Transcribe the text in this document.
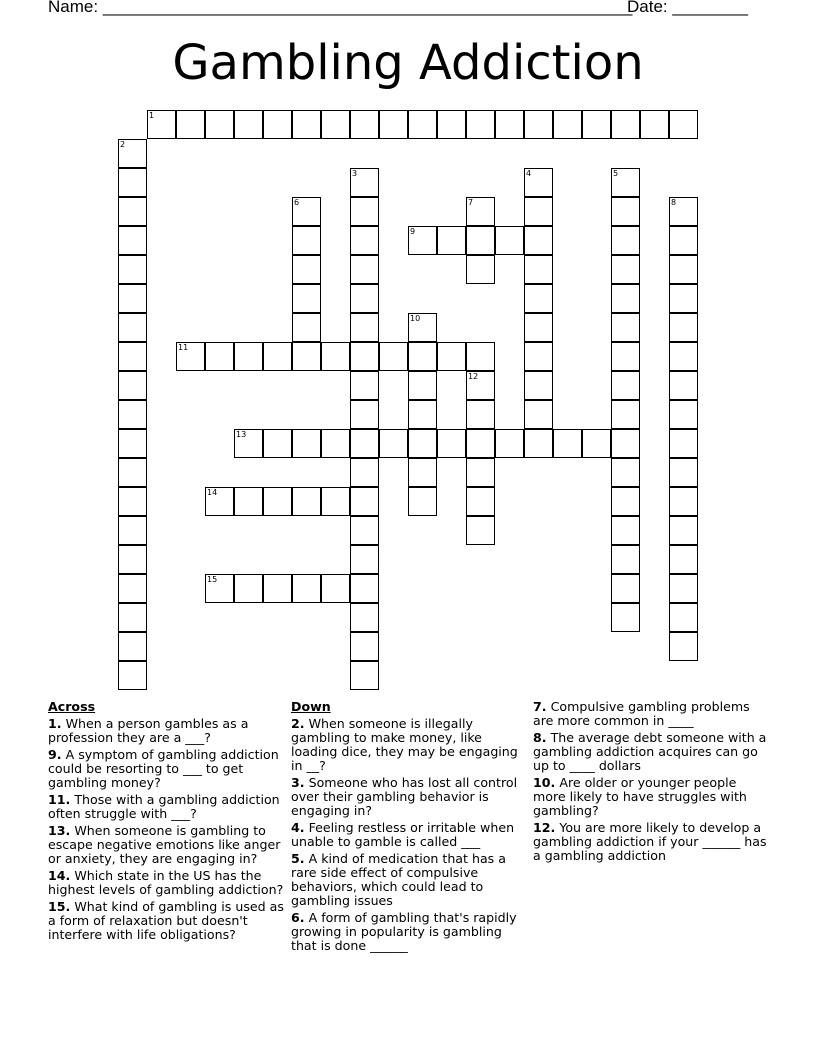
Name: ________________________________________________________
Date: ________
Gambling Addiction
1
2
3	4	5
6	7	8
9
10
11
12
13
14
15
Across
1. When a person gambles as a profession they are a ___?
9. A symptom of gambling addiction could be resorting to ___ to get gambling money?
11. Those with a gambling addiction often struggle with ___?
13. When someone is gambling to escape negative emotions like anger or anxiety, they are engaging in?
14. Which state in the US has the highest levels of gambling addiction?
15. What kind of gambling is used as a form of relaxation but doesn't interfere with life obligations?
Down
2. When someone is illegally gambling to make money, like loading dice, they may be engaging in __?
3. Someone who has lost all control over their gambling behavior is engaging in?
4. Feeling restless or irritable when unable to gamble is called ___
5. A kind of medication that has a rare side effect of compulsive behaviors, which could lead to gambling issues
6. A form of gambling that's rapidly growing in popularity is gambling that is done ______
7. Compulsive gambling problems are more common in ____
8. The average debt someone with a gambling addiction acquires can go up to ____ dollars
10. Are older or younger people more likely to have struggles with gambling?
12. You are more likely to develop a gambling addiction if your ______ has a gambling addiction
